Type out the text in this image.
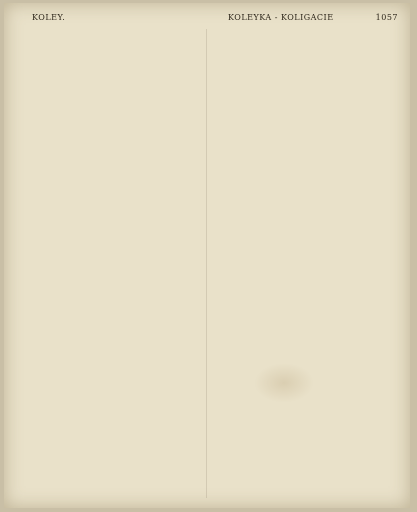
KOLEY.	KOLEYKA - KOLIGACIE	1057
